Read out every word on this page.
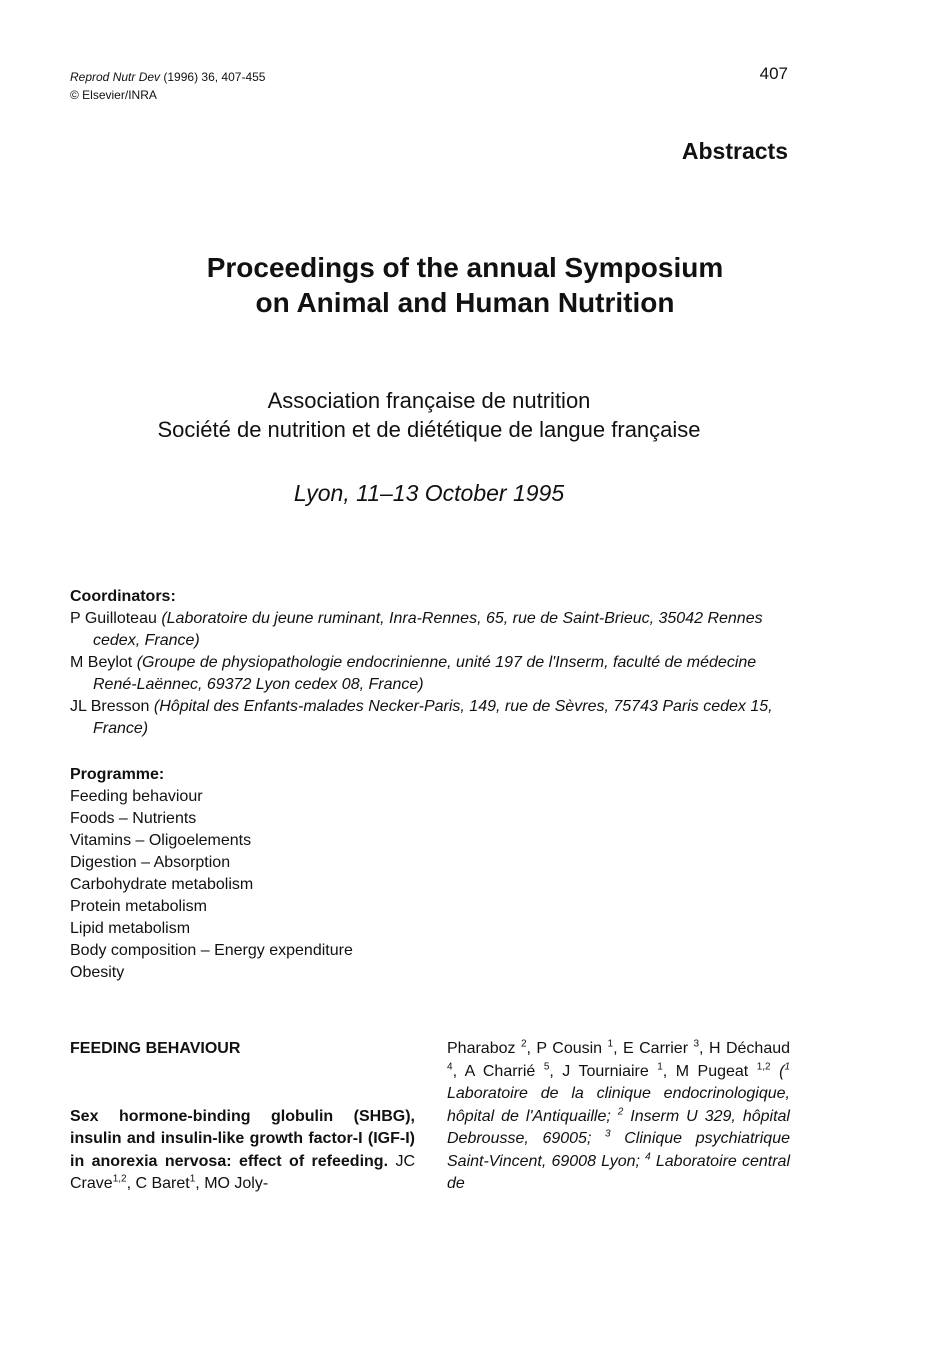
Reprod Nutr Dev (1996) 36, 407-455
© Elsevier/INRA
407
Abstracts
Proceedings of the annual Symposium
on Animal and Human Nutrition
Association française de nutrition
Société de nutrition et de diététique de langue française
Lyon, 11–13 October 1995
Coordinators:
P Guilloteau (Laboratoire du jeune ruminant, Inra-Rennes, 65, rue de Saint-Brieuc, 35042 Rennes cedex, France)
M Beylot (Groupe de physiopathologie endocrinienne, unité 197 de l'Inserm, faculté de médecine René-Laënnec, 69372 Lyon cedex 08, France)
JL Bresson (Hôpital des Enfants-malades Necker-Paris, 149, rue de Sèvres, 75743 Paris cedex 15, France)
Programme:
Feeding behaviour
Foods – Nutrients
Vitamins – Oligoelements
Digestion – Absorption
Carbohydrate metabolism
Protein metabolism
Lipid metabolism
Body composition – Energy expenditure
Obesity
FEEDING BEHAVIOUR
Sex hormone-binding globulin (SHBG), insulin and insulin-like growth factor-I (IGF-I) in anorexia nervosa: effect of refeeding. JC Crave$^{1,2}$, C Baret$^1$, MO Joly-
Pharaboz $^2$, P Cousin $^1$, E Carrier $^3$, H Déchaud $^4$, A Charrié $^5$, J Tourniaire $^1$, M Pugeat $^{1,2}$ ($^1$ Laboratoire de la clinique endocrinologique, hôpital de l'Antiquaille; $^2$ Inserm U 329, hôpital Debrousse, 69005; $^3$ Clinique psychiatrique Saint-Vincent, 69008 Lyon; $^4$ Laboratoire central de
